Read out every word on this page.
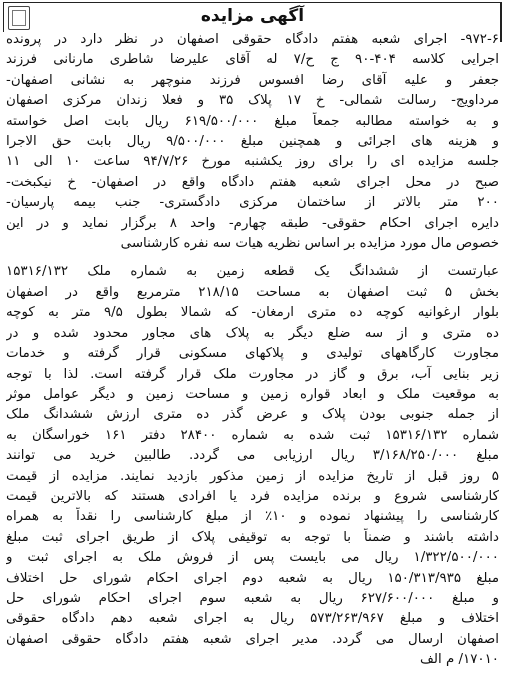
آگهی مزایده
۹۷۲-۶- اجرای شعبه هفتم دادگاه حقوقی اصفهان در نظر دارد در پرونده
اجرایی کلاسه ۴۰۴-۹۰ ج ح/۷ له آقای علیرضا شاطری مارنانی فرزند
جعفر و علیه آقای رضا افسوس فرزند منوچهر به نشانی اصفهان-
مرداویج- رسالت شمالی- خ ۱۷ پلاک ۳۵ و فعلا زندان مرکزی اصفهان
و به خواسته مطالبه جمعاً مبلغ ۶۱۹/۵۰۰/۰۰۰ ریال بابت اصل خواسته
و هزینه های اجرائی و همچنین مبلغ ۹/۵۰۰/۰۰۰ ریال بابت حق الاجرا
جلسه مزایده ای را برای روز یکشنبه مورخ ۹۴/۷/۲۶ ساعت ۱۰ الی ۱۱
صبح در محل اجرای شعبه هفتم دادگاه واقع در اصفهان- خ نیکبخت-
۲۰۰ متر بالاتر از ساختمان مرکزی دادگستری- جنب بیمه پارسیان-
دایره اجرای احکام حقوقی- طبقه چهارم- واحد ۸ برگزار نماید و در این
خصوص مال مورد مزایده بر اساس نظریه هیات سه نفره کارشناسی
عبارتست از ششدانگ یک قطعه زمین به شماره ملک ۱۵۳۱۶/۱۳۲
بخش ۵ ثبت اصفهان به مساحت ۲۱۸/۱۵ مترمربع واقع در اصفهان
بلوار ارغوانیه کوچه ده متری ارمغان- که شمالا بطول ۹/۵ متر به کوچه
ده متری و از سه ضلع دیگر به پلاک های مجاور محدود شده و در
مجاورت کارگاههای تولیدی و پلاکهای مسکونی قرار گرفته و خدمات
زیر بنایی آب، برق و گاز در مجاورت ملک قرار گرفته است. لذا با توجه
به موقعیت ملک و ابعاد قواره زمین و مساحت زمین و دیگر عوامل موثر
از جمله جنوبی بودن پلاک و عرض گذر ده متری ارزش ششدانگ ملک
شماره ۱۵۳۱۶/۱۳۲ ثبت شده به شماره ۲۸۴۰۰ دفتر ۱۶۱ خوراسگان به
مبلغ ۳/۱۶۸/۲۵۰/۰۰۰ ریال ارزیابی می گردد. طالبین خرید می توانند
۵ روز قبل از تاریخ مزایده از زمین مذکور بازدید نمایند. مزایده از قیمت
کارشناسی شروع و برنده مزایده فرد یا افرادی هستند که بالاترین قیمت
کارشناسی را پیشنهاد نموده و ۱۰٪ از مبلغ کارشناسی را نقداً به همراه
داشته باشند و ضمناً با توجه به توقیفی پلاک از طریق اجرای ثبت مبلغ
۱/۳۲۲/۵۰۰/۰۰۰ ریال می بایست پس از فروش ملک به اجرای ثبت و
مبلغ ۱۵۰/۳۱۳/۹۳۵ ریال به شعبه دوم اجرای احکام شورای حل اختلاف
و مبلغ ۶۲۷/۶۰۰/۰۰۰ ریال به شعبه سوم اجرای احکام شورای حل
اختلاف و مبلغ ۵۷۳/۲۶۳/۹۶۷ ریال به اجرای شعبه دهم دادگاه حقوقی
اصفهان ارسال می گردد. مدیر اجرای شعبه هفتم دادگاه حقوقی اصفهان
۱۷۰۱۰/ م الف
